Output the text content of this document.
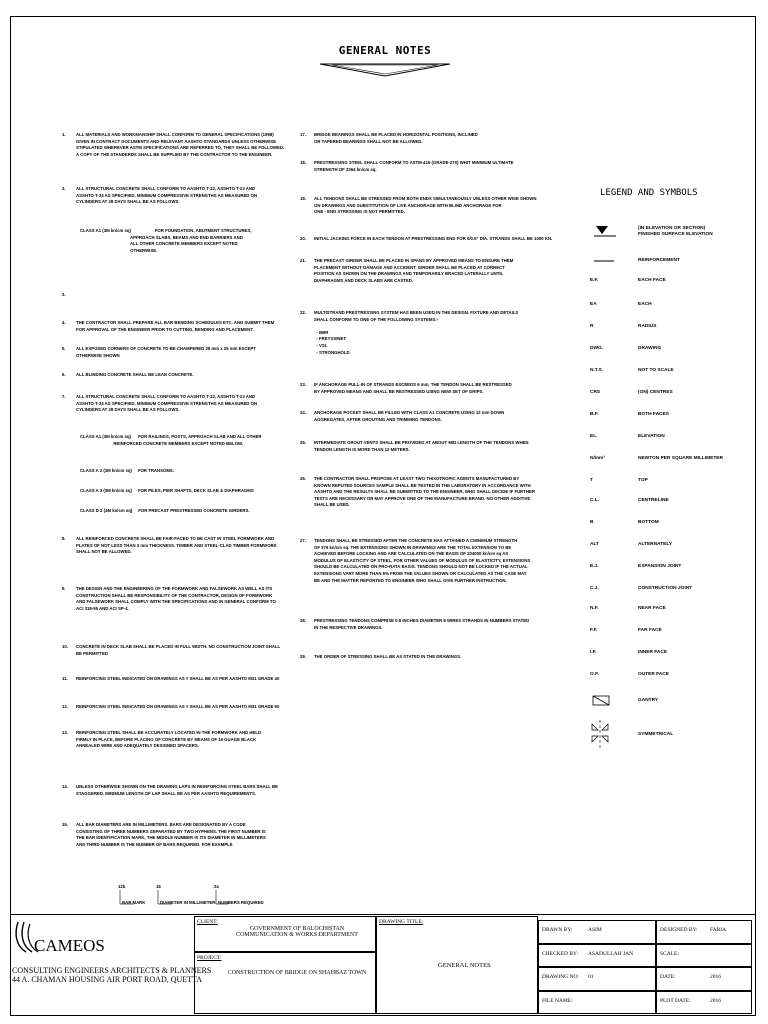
GENERAL NOTES
1. ALL MATERIALS AND WORKMANSHIP SHALL CONFORM TO GENERAL SPECIFICATIONS (1998)
GIVEN IN CONTRACT DOCUMENTS AND RELEVANT AASHTO STANDARDS UNLESS OTHERWISE
STIPULATED WHEREVER ASTM SPECIFICATIONS ARE REFERRED TO, THEY SHALL BE FOLLOWED.
A COPY OF THE STANDERDS SHALL BE SUPPLIED BY THE CONTRACTOR TO THE ENGINEER.
2. ALL STRUCTURAL CONCRETE SHALL CONFORM TO AASHTO T-22, ASSHTO T-23 AND
ASSHTO T-24 AS SPECIFIED. MINIMUM COMPRESSIVE STRENGTHS AS MEASURED ON
CYLINDERS AT 28 DAYS SHALL BE AS FOLLOWS:
CLASS A1 (3M kn/cm sq)                    FOR FOUNDATION, ABUTMENT STRUCTURES,
APPROACH SLABS, BEAMS AND END BARRIERS AND
ALL OTHER CONCRETE MEMBERS EXCEPT NOTED
OTHERWISE.
3.
4. THE CONTRACTOR SHALL PREPARE ALL BAR BENDING SCHEDULES ETC. AND SUBMIT THEM
FOR APPROVAL OF THE ENGINEER PRIOR TO CUTTING, BENDING AND PLACEMENT.
5. ALL EXPOSED CORNERS OF CONCRETE TO BE CHAMFERED 25 mm x 25 mm EXCEPT
OTHERWISE SHOWN
6. ALL BLINDING CONCRETE SHALL BE LEAN CONCRETE.
7. ALL STRUCTURAL CONCRETE SHALL CONFORM TO AASHTO T-22, ASSHTO T-23 AND
ASSHTO T-24 AS SPECIFIED. MINIMUM COMPRESSIVE STRENGTHS AS MEASURED ON
CYLINDERS AT 28 DAYS SHALL BE AS FOLLOWS.
CLASS A1 (3M kn/cm sq)      FOR RAILINGS, POSTS, APPROACH SLAB AND ALL OTHER
REINFORCED CONCRETE MEMBERS EXCEPT NOTED BELOW.
CLASS A 2 (3M kn/cm sq)     FOR TRANSOMS.
CLASS A 3 (3M kn/cm sq)     FOR PILES, PIER SHAFTS, DECK SLAB & DIAPHRAGMS
CLASS D 2 (4M kn/cm sq)     FOR PRECAST PRESTRESSED CONCRETE GIRDERS.
8. ALL REINFORCED CONCRETE SHALL BE FAIR-FACED TO BE CAST IN STEEL FORMWORK AND
PLATES OF NOT LESS THAN 3 mm THICKNESS. TIMBER AND STEEL-CLAD TIMBER FORMWORK
SHALL NOT BE ALLOWED.
9. THE DESIGN AND THE ENGINEERING OF THE FORMWORK AND FALSEWORK AS WELL AS ITS
CONSTRUCTION SHALL BE RESPONSIBILITY OF THE CONTRACTOR, DESIGN OF FORMWORK
AND FALSEWORK SHALL COMPLY WITH THE SPECIFICATIONS AND IN GENERAL CONFORM TO
ACI 318-95 AND ACI SP-4.
10. CONCRETE IN DECK SLAB SHALL BE PLACED IN FULL WIDTH. NO CONSTRUCTION JOINT SHALL
BE PERMITTED
11. REINFORCING STEEL INDICATED ON DRAWINGS AS # SHALL BE AS PER AASHTO M31 GRADE 40
12. REINFORCING STEEL INDICATED ON DRAWINGS AS # SHALL BE AS PER AASHTO M31 GRADE 60
13. REINFORCING STEEL SHALL BE ACCURATELY LOCATED IN THE FORMWORK AND HELD
FIRMLY IN PLACE, BEFORE PLACING OF CONCRETE BY MEANS OF 16 GUAGE BLACK
ANNEALED WIRE AND ADEQUATELY DESIGNED SPACERS.
14. UNLESS OTHERWISE SHOWN ON THE DRAWING LAPS IN REINFORCING STEEL BARS SHALL BE
STAGGERED. MINIMUM LENGTH OF LAP SHALL BE AS PER AASHTO REQUIREMENTS.
15. ALL BAR DIAMETERS ARE IN MILLIMETERS. BARS ARE DESIGNATED BY A CODE
CONSISTING OF THREE NUMBERS SEPARATED BY TWO HYPHENS. THE FIRST NUMBER IS
THE BAR IDENTIFICATION MARK, THE MIDDLE NUMBER IS ITS DIAMETER IN MILLIMETERS
AND THIRD NUMBER IS THE NUMBER OF BARS REQUIRED. FOR EXAMPLE
17. BRIDGE BEARINGS SHALL BE PLACED IN HORIZONTAL POSITIONS, INCLINED
OR TAPERED BEARINGS SHALL NOT BE ALLOWED.
18. PRESTRESSING STEEL SHALL CONFORM TO ASTM-416 (GRADE-270) WHIT MINIMUM ULTIMATE
STRENGTH OF 2264 kn/cm sq.
19. ALL TENDONS SHALL BE STRESSED FROM BOTH ENDS SIMULTANEOUSLY UNLESS OTHER WISE SHOWN
ON DRAWINGS AND SUBSTITUTION OF LIVE ANCHORAGE WITH BLIND ANCHORAGE FOR
ONE - END STRESSING IS NOT PERMITTED.
20. INITIAL JACKING FORCE IN EACH TENDON AT PRESTRESSING END FOR 0/0.5" DIA. STRANDS SHALL BE 1000 KN.
21. THE PRECAST GIRDER SHALL BE PLACED IN SPANS BY APPROVED MEANS TO ENSURE THEM
PLACEMENT WITHOUT DAMAGE AND ACCIDENT. GIRDER SHALL BE PLACED AT CORRECT
POSITION AS SHOWN ON THE DRAWINGS AND TEMPORARILY BRACED LATERALLY UNTIL
DIAPHRAGMS AND DECK SLABS ARE CASTED.
22. MULTISTRAND PRESTRESSING SYSTEM HAS BEEN USED IN THE DESIGN. FIXTURE AND DETAILS
SHALL CONFORM TO ONE OF THE FOLLOWING SYSTEMS:-

- BBR
- FREYSSINET
- VSL
- STRONGHOLD
23. IF ANCHORAGE PULL-IN OF STRANDS EXCEEDS 6 mm, THE TENDON SHALL BE RESTRESSED
BY APPROVED MEANS AND SHALL BE RESTRESSED USING NEW SET OF GRIPS.
24. ANCHORAGE POCKET SHALL BE FILLED WITH CLASS A1 CONCRETE USING 12 mm DOWN
AGGREGATES, AFTER GROUTING AND TRIMMING TENDONS.
25. INTERMEDIATE GROUT VENTS SHALL BE PROVIDED AT ABOUT MID LENGTH OF THE TENDONS WHEN
TENDON LENGTH IS MORE THAN 12 METERS.
26. THE CONTRACTOR SHALL PROPOSE AT LEAST TWO THIXOTROPIC AGENTS MANUFACTURED BY
KNOWN REPUTED SOURCES SAMPLE SHALL BE TESTED IN THE LABORATORY IN ACCORDANCE WITH
AASHTO AND THE RESULTS SHALL BE SUBMITTED TO THE ENGINEER, WHO SHALL DECIDE IF FURTHER
TESTS ARE NECESSARY OR MAY APPROVE ONE OF THE MANUFACTURE BRAND. NO OTHER ADDITIVE
SHALL BE USED.
27. TENDONS SHALL BE STRESSED AFTER THE CONCRETE HAS ATTAINED A CMINIMUM STRENGTH
OF 376 kn/cm sq. THE EXTENSIONS SHOWN IN DRAWINGS ARE THE TOTAL EXTENSION TO BE
ACHIEVED BEFORE LOCKING AND ARE CALCULATED ON THE BASIS OF 204000 kn/cm sq AS
MODULUS OF ELASTICITY OF STEEL. FOR OTHER VALUES OF MODULUS OF ELASTICITY, EXTENSIONS
SHOULD BE CALCULATED ON PRO-RATA BASIS. TENDONS SHOULD NOT BE LOCKED IF THE ACTUAL
EXTENSIONS VARY MORE THAN 5% FROM THE VALUES SHOWN OR CALCULATED AS THE CASE MAY
BE AND THE MATTER REPORTED TO ENGINEER WHO SHALL GIVE FURTHER INSTRUCTION.
28. PRESTRESSING TENDONS COMPRISE 0.5 INCHES DIAMETER 8 WIRES STRANDS IN NUMBERS STATED
IN THE RESPECTIVE DRAWINGS.
29. THE ORDER OF STRESSING SHALL BE AS STATED IN THE DRAWINGS.
12b	16	24
BAR MARK	DIAMETER IN MILLIMETER NUMBERS REQUIRED
LEGEND AND SYMBOLS
(IN ELEVATION OR SECTION)
FINISHED SURFACE ELEVATION
REINFORCEMENT
E.F.	EACH FACE
EA	EACH
R	RADIUS
DWG.	DRAWING
N.T.S.	NOT TO SCALE
CRS	(ON) CENTRES
B.F.	BOTH FACES
EL.	ELEVATION
N/mm²	NEWTON PER SQUARE MILLIMETER
T	TOP
C.L.	CENTRELINE
B	BOTTOM
ALT	ALTERNATELY
E.J.	EXPANSION JOINT
C.J.	CONSTRUCTION JOINT
N.F.	NEAR FACE
F.F.	FAR FACE
I.F.	INNER FACE
O.F.	OUTER FACE
GANTRY
SYMMETRICAL
CAMEOS
CONSULTING ENGINEERS ARCHITECTS & PLANNERS
44 A. CHAMAN HOUSING AIR PORT ROAD, QUETTA
CLIENT:
GOVERNMENT OF BALOCHISTAN
COMMUNICATION & WORKS DEPARTMENT
PROJECT:
CONSTRUCTION OF BRIDGE ON SHAHBAZ TOWN
DRAWING TITLE:
GENERAL NOTES
DRAWN BY:	ASIM	DESIGNED BY: FARIA
CHECKED BY: ASADULLAH JAN	SCALE:
DRAWING NO: 01	DATE:	2016
FILE NAME:	PLOT DATE:	2016
